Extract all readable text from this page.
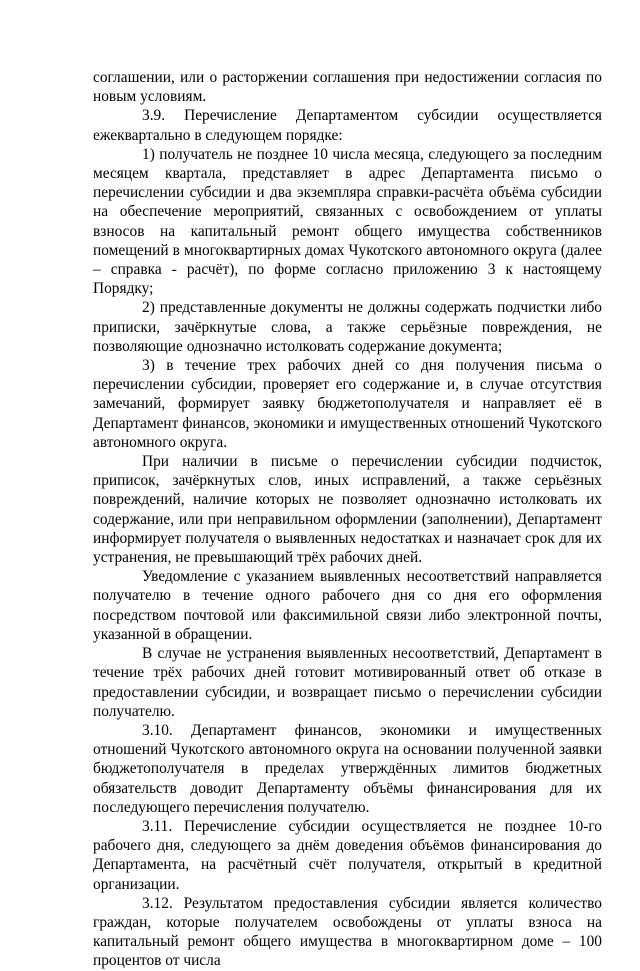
соглашении, или о расторжении соглашения при недостижении согласия по новым условиям.

3.9. Перечисление Департаментом субсидии осуществляется ежеквартально в следующем порядке:

1) получатель не позднее 10 числа месяца, следующего за последним месяцем квартала, представляет в адрес Департамента письмо о перечислении субсидии и два экземпляра справки-расчёта объёма субсидии на обеспечение мероприятий, связанных с освобождением от уплаты взносов на капитальный ремонт общего имущества собственников помещений в многоквартирных домах Чукотского автономного округа (далее – справка - расчёт), по форме согласно приложению 3 к настоящему Порядку;

2) представленные документы не должны содержать подчистки либо приписки, зачёркнутые слова, а также серьёзные повреждения, не позволяющие однозначно истолковать содержание документа;

3) в течение трех рабочих дней со дня получения письма о перечислении субсидии, проверяет его содержание и, в случае отсутствия замечаний, формирует заявку бюджетополучателя и направляет её в Департамент финансов, экономики и имущественных отношений Чукотского автономного округа.

При наличии в письме о перечислении субсидии подчисток, приписок, зачёркнутых слов, иных исправлений, а также серьёзных повреждений, наличие которых не позволяет однозначно истолковать их содержание, или при неправильном оформлении (заполнении), Департамент информирует получателя о выявленных недостатках и назначает срок для их устранения, не превышающий трёх рабочих дней.

Уведомление с указанием выявленных несоответствий направляется получателю в течение одного рабочего дня со дня его оформления посредством почтовой или факсимильной связи либо электронной почты, указанной в обращении.

В случае не устранения выявленных несоответствий, Департамент в течение трёх рабочих дней готовит мотивированный ответ об отказе в предоставлении субсидии, и возвращает письмо о перечислении субсидии получателю.

3.10. Департамент финансов, экономики и имущественных отношений Чукотского автономного округа на основании полученной заявки бюджетополучателя в пределах утверждённых лимитов бюджетных обязательств доводит Департаменту объёмы финансирования для их последующего перечисления получателю.

3.11. Перечисление субсидии осуществляется не позднее 10-го рабочего дня, следующего за днём доведения объёмов финансирования до Департамента, на расчётный счёт получателя, открытый в кредитной организации.

3.12. Результатом предоставления субсидии является количество граждан, которые получателем освобождены от уплаты взноса на капитальный ремонт общего имущества в многоквартирном доме – 100 процентов от числа
